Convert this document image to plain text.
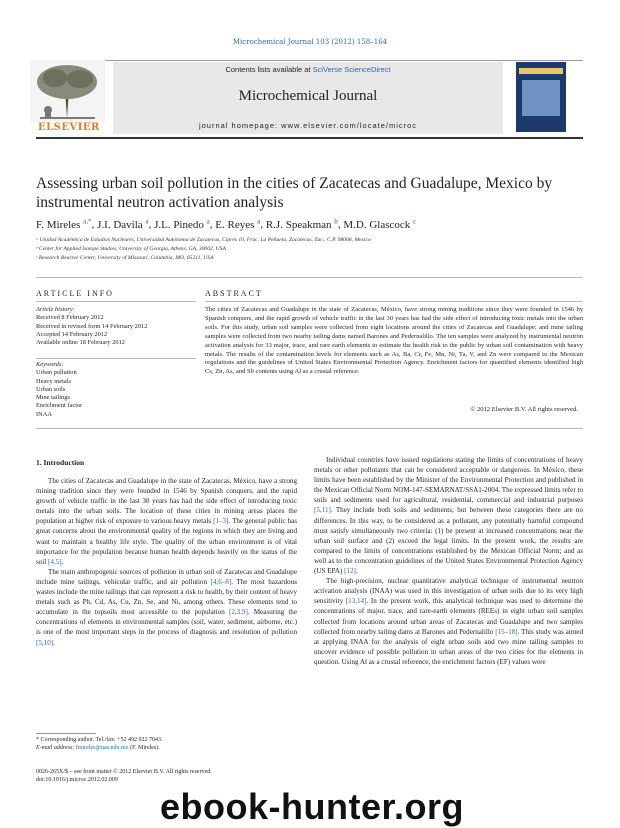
Microchemical Journal 103 (2012) 158–164
ELSEVIER
Contents lists available at SciVerse ScienceDirect
Microchemical Journal
journal homepage: www.elsevier.com/locate/microc
Assessing urban soil pollution in the cities of Zacatecas and Guadalupe, Mexico by instrumental neutron activation analysis
F. Mireles $^{a,*}$, J.I. Davila $^a$, J.L. Pinedo $^a$, E. Reyes $^a$, R.J. Speakman $^b$, M.D. Glascock $^c$
ᵃ Unidad Académica de Estudios Nucleares, Universidad Autónoma de Zacatecas, Ciprés 10, Frac. La Peñuela, Zacatecas, Zac., C.P. 98068, Mexico
ᵇ Center for Applied Isotope Studies, University of Georgia, Athens, GA, 30602, USA
ᶜ Research Reactor Center, University of Missouri, Columbia, MO, 65211, USA
ARTICLE INFO	ABSTRACT
Article history:
Received 8 February 2012
Received in revised form 14 February 2012
Accepted 14 February 2012
Available online 18 February 2012
Keywords:
Urban pollution
Heavy metals
Urban soils
Mine tailings
Enrichment factor
INAA
The cities of Zacatecas and Guadalupe in the state of Zacatecas, México, have strong mining traditions since they were founded in 1546 by Spanish conquers, and the rapid growth of vehicle traffic in the last 30 years has had the side effect of introducing toxic metals into the urban soils. For this study, urban soil samples were collected from eight locations around the cities of Zacatecas and Guadalupe; and mine tailing samples were collected from two nearby tailing dams named Barones and Pedernalillo. The ten samples were analyzed by instrumental neutron activation analysis for 33 major, trace, and rare earth elements to estimate the health risk to the public by urban soil contamination with heavy metals. The results of the contamination levels for elements such as As, Ba, Cr, Fe, Mn, Ni, Ta, V, and Zn were compared to the Mexican regulations and the guidelines of United States Environmental Protection Agency. Enrichment factors for quantified elements identified high Cs, Zn, As, and Sb contents using Al as a crustal reference.
© 2012 Elsevier B.V. All rights reserved.
1. Introduction

The cities of Zacatecas and Guadalupe in the state of Zacatecas, México, have a strong mining tradition since they were founded in 1546 by Spanish conquers, and the rapid growth of vehicle traffic in the last 30 years has had the side effect of introducing toxic metals into the urban soils. The location of these cities in mining areas places the population at higher risk of exposure to various heavy metals [1–3]. The general public has great concerns about the environmental quality of the regions in which they are living and want to maintain a healthy life style. The quality of the urban environment is of vital importance for the population because human health depends heavily on the status of the soil [4,5].

The main anthropogenic sources of pollution in urban soil of Zacatecas and Guadalupe include mine tailings, vehicular traffic, and air pollution [4,6–8]. The most hazardous wastes include the mine tailings that can represent a risk to health, by their content of heavy metals such as Pb, Cd, As, Cu, Zn, Se, and Ni, among others. These elements tend to accumulate in the topsoils most accessible to the population [2,3,9]. Measuring the concentrations of elements in environmental samples (soil, water, sediment, airborne, etc.) is one of the most important steps in the process of diagnosis and resolution of pollution [5,10].

Individual countries have issued regulations stating the limits of concentrations of heavy metals or other pollutants that can be considered acceptable or dangerous. In México, these limits have been established by the Minister of the Environmental Protection and published in the Mexican Official Norm NOM-147-SEMARNAT/SSA1-2004. The expressed limits refer to soils and sediments used for agricultural, residential, commercial and industrial purposes [5,11]. They include both soils and sediments; but between these categories there are no differences. In this way, to be considered as a pollutant, any potentially harmful compound must satisfy simultaneously two criteria: (1) be present at increased concentrations near the urban soil surface and (2) exceed the legal limits. In the present work, the results are compared to the limits of concentrations established by the Mexican Official Norm; and as well as to the concentration guidelines of the United States Environmental Protection Agency (US EPA) [12].

The high-precision, nuclear quantitative analytical technique of instrumental neutron activation analysis (INAA) was used in this investigation of urban soils due to its very high sensitivity [13,14]. In the present work, this analytical technique was used to determine the concentrations of major, trace, and rare-earth elements (REEs) in eight urban soil samples collected from locations around urban areas of Zacatecas and Guadalupe and two samples collected from nearby tailing dams at Barones and Pedernalillo [15–18]. This study was aimed at applying INAA for the analysis of eight urban soils and two mine tailing samples to uncover evidence of possible pollution in urban areas of the two cities for the elements in question. Using Al as a crustal reference, the enrichment factors (EF) values were

* Corresponding author. Tel./fax: +52 492 922 7043.
E-mail address: fmireles@uaz.edu.mx (F. Mireles).
0026-265X/$ – see front matter © 2012 Elsevier B.V. All rights reserved.
doi:10.1016/j.microc.2012.02.009
ebook-hunter.org
